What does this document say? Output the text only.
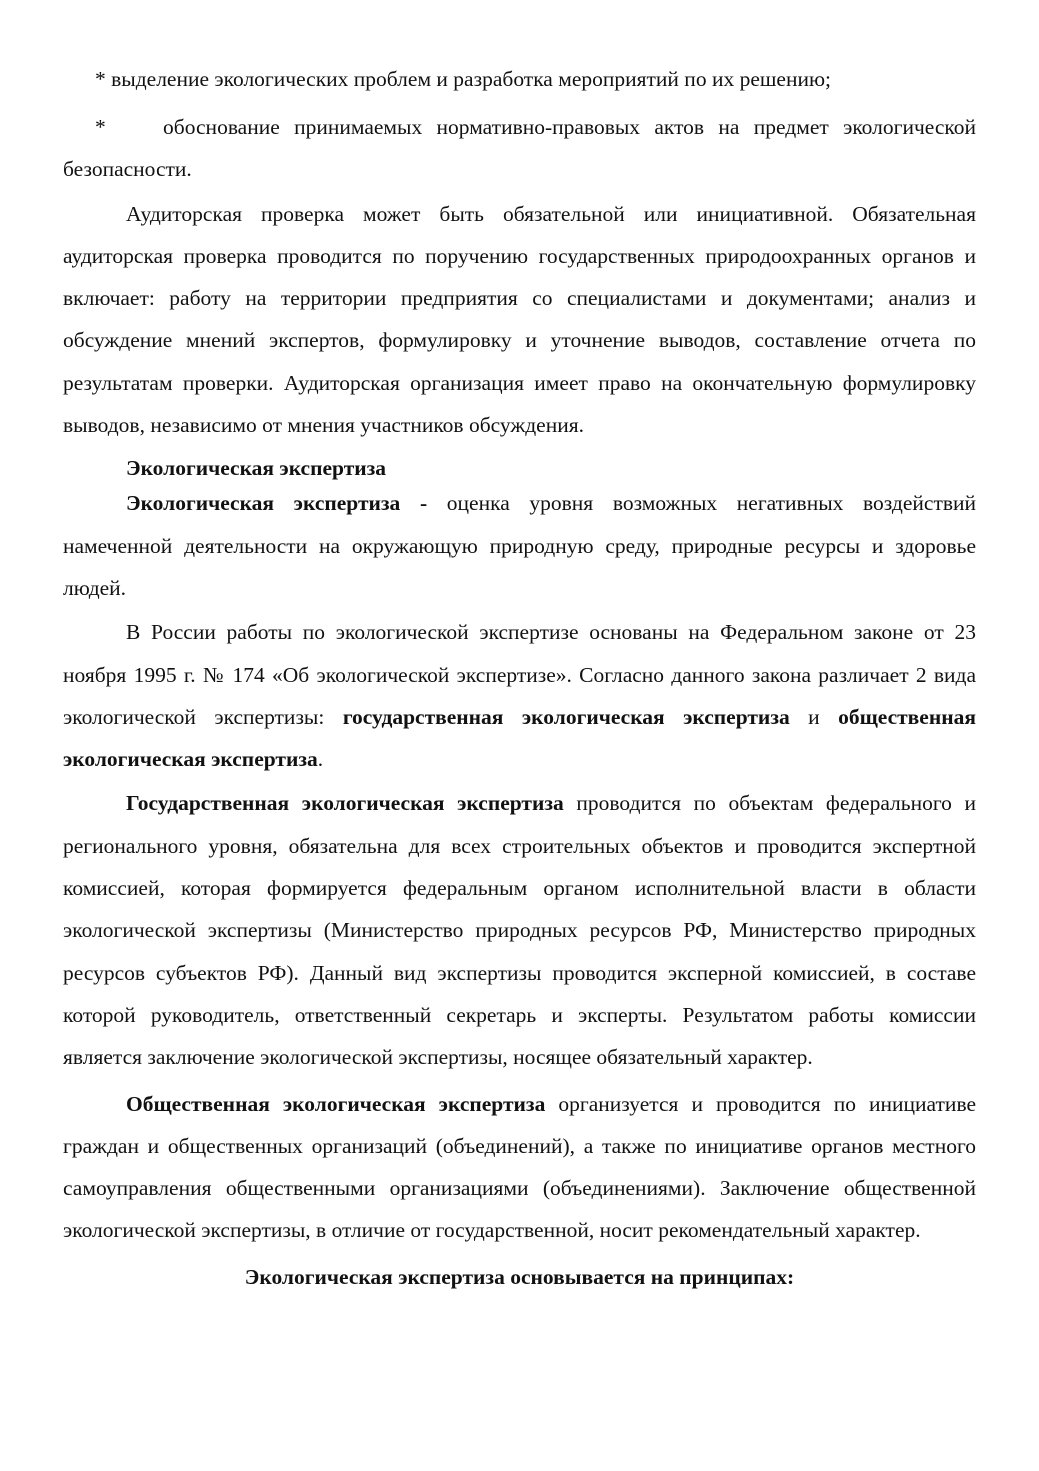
* выделение экологических проблем и разработка мероприятий по их решению;

*    обоснование принимаемых нормативно-правовых актов на предмет экологической безопасности.

Аудиторская проверка может быть обязательной или инициативной. Обязательная аудиторская проверка проводится по поручению государственных природоохранных органов и включает: работу на территории предприятия со специалистами и документами; анализ и обсуждение мнений экспертов, формулировку и уточнение выводов, составление отчета по результатам проверки. Аудиторская организация имеет право на окончательную формулировку выводов, независимо от мнения участников обсуждения.

Экологическая экспертиза

Экологическая экспертиза - оценка уровня возможных негативных воздействий намеченной деятельности на окружающую природную среду, природные ресурсы и здоровье людей.

В России работы по экологической экспертизе основаны на Федеральном законе от 23 ноября 1995 г. № 174 «Об экологической экспертизе». Согласно данного закона различает 2 вида экологической экспертизы: государственная экологическая экспертиза и общественная экологическая экспертиза.

Государственная экологическая экспертиза проводится по объектам федерального и регионального уровня, обязательна для всех строительных объектов и проводится экспертной комиссией, которая формируется федеральным органом исполнительной власти в области экологической экспертизы (Министерство природных ресурсов РФ, Министерство природных ресурсов субъектов РФ). Данный вид экспертизы проводится эксперной комиссией, в составе которой руководитель, ответственный секретарь и эксперты. Результатом работы комиссии является заключение экологической экспертизы, носящее обязательный характер.

Общественная экологическая экспертиза организуется и проводится по инициативе граждан и общественных организаций (объединений), а также по инициативе органов местного самоуправления общественными организациями (объединениями). Заключение общественной экологической экспертизы, в отличие от государственной, носит рекомендательный характер.

Экологическая экспертиза основывается на принципах:
